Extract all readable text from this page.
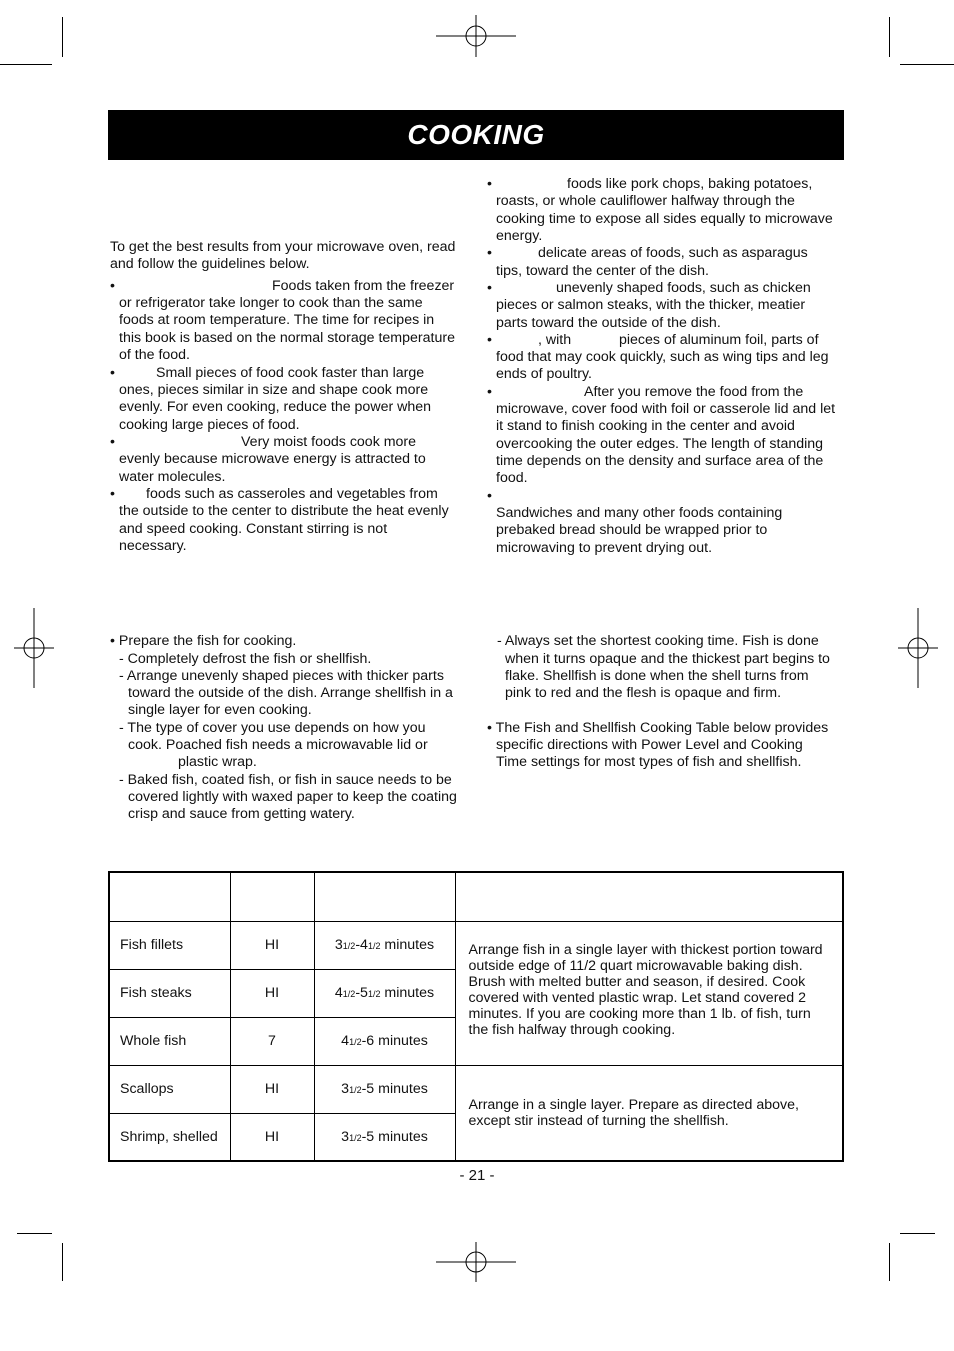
COOKING
To get the best results from your microwave oven, read and follow the guidelines below.
•	Foods taken from the freezer
or refrigerator take longer to cook than the same
foods at room temperature. The time for recipes in
this book is based on the normal storage temperature
of the food.
•	Small pieces of food cook faster than large
ones, pieces similar in size and shape cook more
evenly. For even cooking, reduce the power when
cooking large pieces of food.
•	Very moist foods cook more
evenly because microwave energy is attracted to
water molecules.
• foods such as casseroles and vegetables from
the outside to the center to distribute the heat evenly
and speed cooking. Constant stirring is not
necessary.
•	foods like pork chops, baking potatoes,
roasts, or whole cauliflower halfway through the
cooking time to expose all sides equally to microwave
energy.
•	delicate areas of foods, such as asparagus
tips, toward the center of the dish.
•	unevenly shaped foods, such as chicken
pieces or salmon steaks, with the thicker, meatier
parts toward the outside of the dish.
•	, with	pieces of aluminum foil, parts of
food that may cook quickly, such as wing tips and leg
ends of poultry.
•	After you remove the food from the
microwave, cover food with foil or casserole lid and let
it stand to finish cooking in the center and avoid
overcooking the outer edges. The length of standing
time depends on the density and surface area of the
food.
•
Sandwiches and many other foods containing
prebaked bread should be wrapped prior to
microwaving to prevent drying out.
• Prepare the fish for cooking.
- Completely defrost the fish or shellfish.
- Arrange unevenly shaped pieces with thicker parts
toward the outside of the dish. Arrange shellfish in a
single layer for even cooking.
- The type of cover you use depends on how you
cook. Poached fish needs a microwavable lid or
plastic wrap.
- Baked fish, coated fish, or fish in sauce needs to be
covered lightly with waxed paper to keep the coating
crisp and sauce from getting watery.
- Always set the shortest cooking time. Fish is done
when it turns opaque and the thickest part begins to
flake. Shellfish is done when the shell turns from
pink to red and the flesh is opaque and firm.
• The Fish and Shellfish Cooking Table below provides
specific directions with Power Level and Cooking
Time settings for most types of fish and shellfish.

Fish fillets	HI	31/2-41/2 minutes	Arrange fish in a single layer with thickest portion toward outside edge of 11/2 quart microwavable baking dish. Brush with melted butter and season, if desired. Cook covered with vented plastic wrap. Let stand covered 2 minutes. If you are cooking more than 1 lb. of fish, turn the fish halfway through cooking.
Fish steaks	HI	41/2-51/2 minutes	
Whole fish	7	41/2-6 minutes	
Scallops	HI	31/2-5 minutes	Arrange in a single layer. Prepare as directed above, except stir instead of turning the shellfish.
Shrimp, shelled	HI	31/2-5 minutes	
- 21 -
